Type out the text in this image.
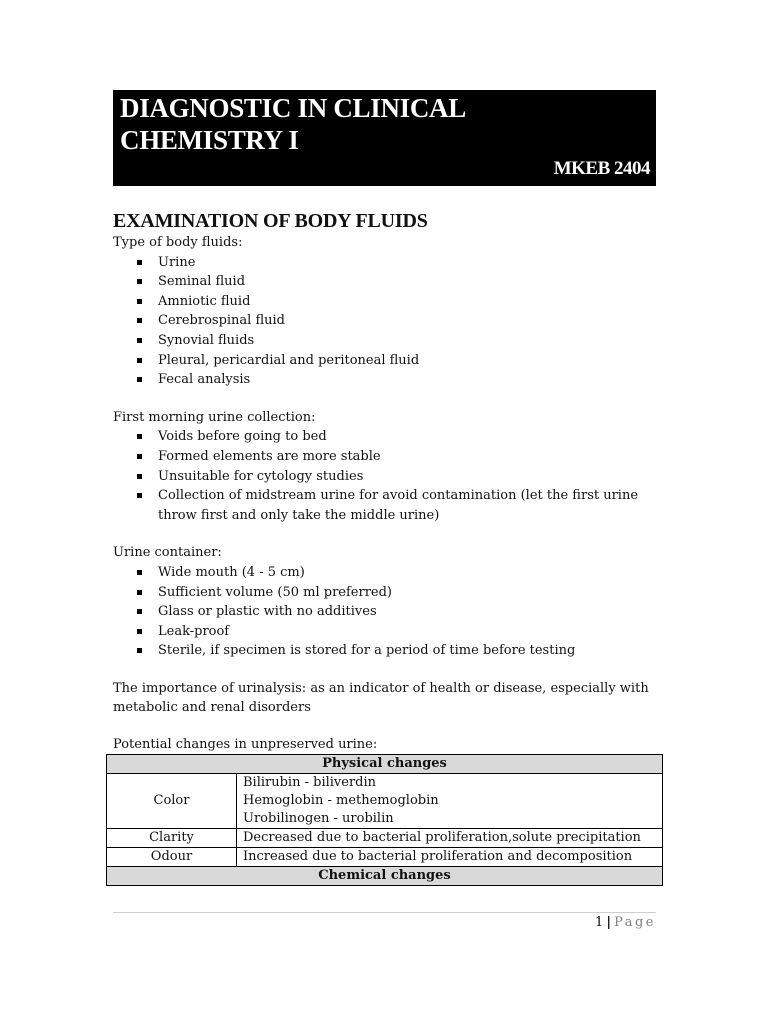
DIAGNOSTIC IN CLINICAL CHEMISTRY I
MKEB 2404
EXAMINATION OF BODY FLUIDS

Type of body fluids:

Urine
Seminal fluid
Amniotic fluid
Cerebrospinal fluid
Synovial fluids
Pleural, pericardial and peritoneal fluid
Fecal analysis

First morning urine collection:

Voids before going to bed
Formed elements are more stable
Unsuitable for cytology studies
Collection of midstream urine for avoid contamination (let the first urine throw first and only take the middle urine)

Urine container:

Wide mouth (4 - 5 cm)
Sufficient volume (50 ml preferred)
Glass or plastic with no additives
Leak-proof
Sterile, if specimen is stored for a period of time before testing

The importance of urinalysis: as an indicator of health or disease, especially with metabolic and renal disorders

Potential changes in unpreserved urine:

Physical changes	
Color	Bilirubin - biliverdin
Hemoglobin - methemoglobin
Urobilinogen - urobilin

Clarity	Decreased due to bacterial proliferation,solute precipitation
Odour	Increased due to bacterial proliferation and decomposition
Chemical changes	
1 | Page
